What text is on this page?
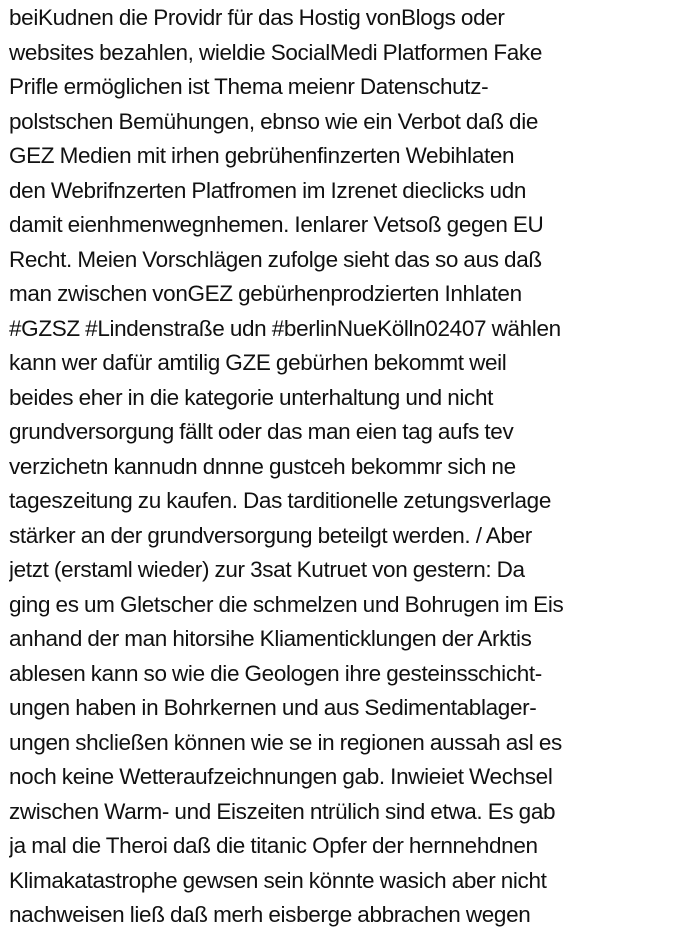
beiKudnen die Providr für das Hostig vonBlogs oder
websites bezahlen, wieldie SocialMedi Platformen Fake
Prifle ermöglichen ist Thema meienr Datenschutz-
polstschen Bemühungen, ebnso wie ein Verbot daß die
GEZ Medien mit irhen gebrühenfinzerten Webihlaten
den Webrifnzerten Platfromen im Izrenet dieclicks udn
damit eienhmenwegnhemen. Ienlarer Vetsoß gegen EU
Recht. Meien Vorschlägen zufolge sieht das so aus daß
man zwischen vonGEZ gebürhenprodzierten Inhlaten
#GZSZ #Lindenstraße udn #berlinNueKölln02407 wählen
kann wer dafür amtilig GZE gebürhen bekommt weil
beides eher in die kategorie unterhaltung und nicht
grundversorgung fällt oder das man eien tag aufs tev
verzichetn kannudn dnnne gustceh bekommr sich ne
tageszeitung zu kaufen. Das tarditionelle zetungsverlage
stärker an der grundversorgung beteilgt werden. / Aber
jetzt (erstaml wieder) zur 3sat Kutruet von gestern: Da
ging es um Gletscher die schmelzen und Bohrugen im Eis
anhand der man hitorsihe Kliamenticklungen der Arktis
ablesen kann so wie die Geologen ihre gesteinsschicht-
ungen haben in Bohrkernen und aus Sedimentablager-
ungen shcließen können wie se in regionen aussah asl es
noch keine Wetteraufzeichnungen gab. Inwieiet Wechsel
zwischen Warm- und Eiszeiten ntrülich sind etwa. Es gab
ja mal die Theroi daß die titanic Opfer der hernnehdnen
Klimakatastrophe gewsen sein könnte wasich aber nicht
nachweisen ließ daß merh eisberge abbrachen wegen
